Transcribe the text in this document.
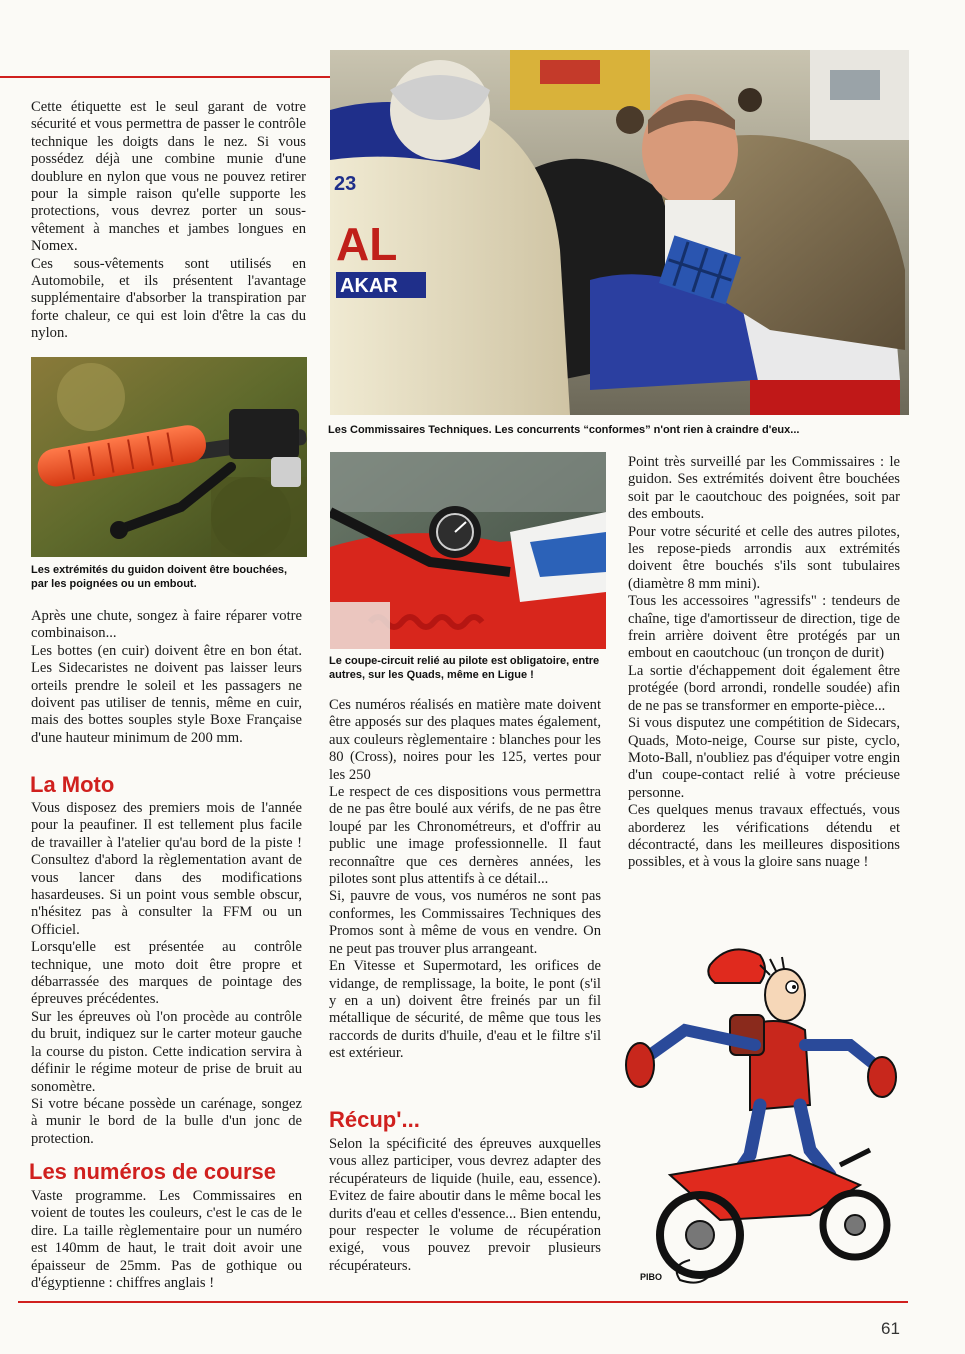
Cette étiquette est le seul garant de votre sécurité et vous permettra de passer le contrôle technique les doigts dans le nez. Si vous possédez déjà une combine munie d'une doublure en nylon que vous ne pouvez retirer pour la simple raison qu'elle supporte les protections, vous devrez porter un sous-vêtement à manches et jambes longues en Nomex.

Ces sous-vêtements sont utilisés en Automobile, et ils présentent l'avantage supplémentaire d'absorber la transpiration par forte chaleur, ce qui est loin d'être la cas du nylon.

Les extrémités du guidon doivent être bouchées, par les poignées ou un embout.

Après une chute, songez à faire réparer votre combinaison...

Les bottes (en cuir) doivent être en bon état. Les Sidecaristes ne doivent pas laisser leurs orteils prendre le soleil et les passagers ne doivent pas utiliser de tennis, même en cuir, mais des bottes souples style Boxe Française d'une hauteur minimum de 200 mm.

La Moto

Vous disposez des premiers mois de l'année pour la peaufiner. Il est tellement plus facile de travailler à l'atelier qu'au bord de la piste ! Consultez d'abord la règlementation avant de vous lancer dans des modifications hasardeuses. Si un point vous semble obscur, n'hésitez pas à consulter la FFM ou un Officiel.

Lorsqu'elle est présentée au contrôle technique, une moto doit être propre et débarrassée des marques de pointage des épreuves précédentes.

Sur les épreuves où l'on procède au contrôle du bruit, indiquez sur le carter moteur gauche la course du piston. Cette indication servira à définir le régime moteur de prise de bruit au sonomètre.

Si votre bécane possède un carénage, songez à munir le bord de la bulle d'un jonc de protection.

Les numéros de course

Vaste programme. Les Commissaires en voient de toutes les couleurs, c'est le cas de le dire. La taille règlementaire pour un numéro est 140mm de haut, le trait doit avoir une épaisseur de 25mm. Pas de gothique ou d'égyptienne : chiffres anglais !

AL
AKAR
23
Les Commissaires Techniques. Les concurrents “conformes” n'ont rien à craindre d'eux...
Le coupe-circuit relié au pilote est obligatoire, entre autres, sur les Quads, même en Ligue !

Ces numéros réalisés en matière mate doivent être apposés sur des plaques mates également, aux couleurs règlementaire : blanches pour les 80 (Cross), noires pour les 125, vertes pour les 250

Le respect de ces dispositions vous permettra de ne pas être boulé aux vérifs, de ne pas être loupé par les Chronométreurs, et d'offrir au public une image professionnelle. Il faut reconnaître que ces dernères années, les pilotes sont plus attentifs à ce détail...

Si, pauvre de vous, vos numéros ne sont pas conformes, les Commissaires Techniques des Promos sont à même de vous en vendre. On ne peut pas trouver plus arrangeant.

En Vitesse et Supermotard, les orifices de vidange, de remplissage, la boite, le pont (s'il y en a un) doivent être freinés par un fil métallique de sécurité, de même que tous les raccords de durits d'huile, d'eau et le filtre s'il est extérieur.

Récup'...

Selon la spécificité des épreuves auxquelles vous allez participer, vous devrez adapter des récupérateurs de liquide (huile, eau, essence). Evitez de faire aboutir dans le même bocal les durits d'eau et celles d'essence... Bien entendu, pour respecter le volume de récupération exigé, vous pouvez prevoir plusieurs récupérateurs.

Point très surveillé par les Commissaires : le guidon. Ses extrémités doivent être bouchées soit par le caoutchouc des poignées, soit par des embouts.

Pour votre sécurité et celle des autres pilotes, les repose-pieds arrondis aux extrémités doivent être bouchés s'ils sont tubulaires (diamètre 8 mm mini).

Tous les accessoires "agressifs" : tendeurs de chaîne, tige d'amortisseur de direction, tige de frein arrière doivent être protégés par un embout en caoutchouc (un tronçon de durit)

La sortie d'échappement doit également être protégée (bord arrondi, rondelle soudée) afin de ne pas se transformer en emporte-pièce...

Si vous disputez une compétition de Sidecars, Quads, Moto-neige, Course sur piste, cyclo, Moto-Ball, n'oubliez pas d'équiper votre engin d'un coupe-contact relié à votre précieuse personne.

Ces quelques menus travaux effectués, vous aborderez les vérifications détendu et décontracté, dans les meilleures dispositions possibles, et à vous la gloire sans nuage !

PIBO
61
